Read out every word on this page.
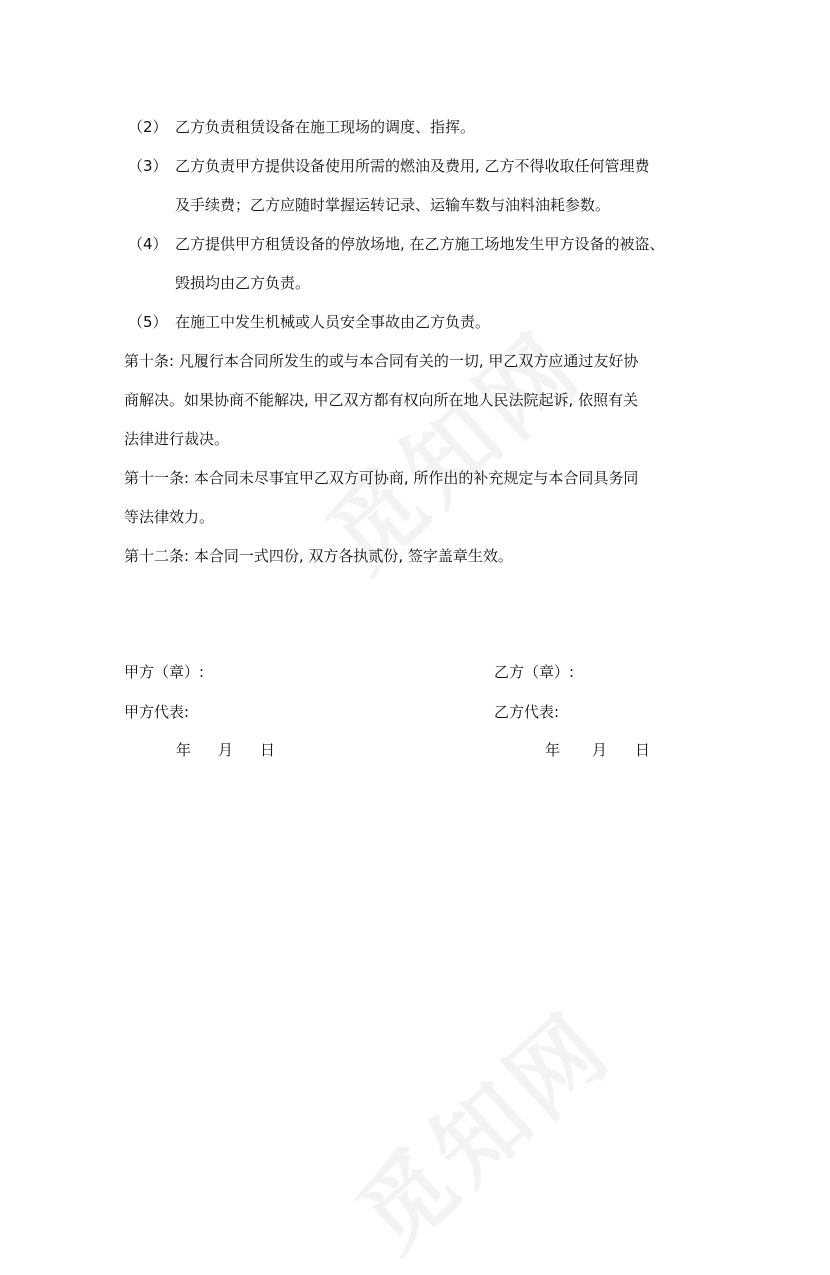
（2） 乙方负责租赁设备在施工现场的调度、指挥。
（3） 乙方负责甲方提供设备使用所需的燃油及费用, 乙方不得收取任何管理费
及手续费；乙方应随时掌握运转记录、运输车数与油料油耗参数。
（4） 乙方提供甲方租赁设备的停放场地, 在乙方施工场地发生甲方设备的被盗、
毁损均由乙方负责。
（5） 在施工中发生机械或人员安全事故由乙方负责。
第十条: 凡履行本合同所发生的或与本合同有关的一切, 甲乙双方应通过友好协
商解决。如果协商不能解决, 甲乙双方都有权向所在地人民法院起诉, 依照有关
法律进行裁决。
第十一条: 本合同未尽事宜甲乙双方可协商, 所作出的补充规定与本合同具务同
等法律效力。
第十二条: 本合同一式四份, 双方各执贰份, 签字盖章生效。
甲方（章）:
甲方代表:
年 月 日
乙方（章）:
乙方代表:
年 月 日
